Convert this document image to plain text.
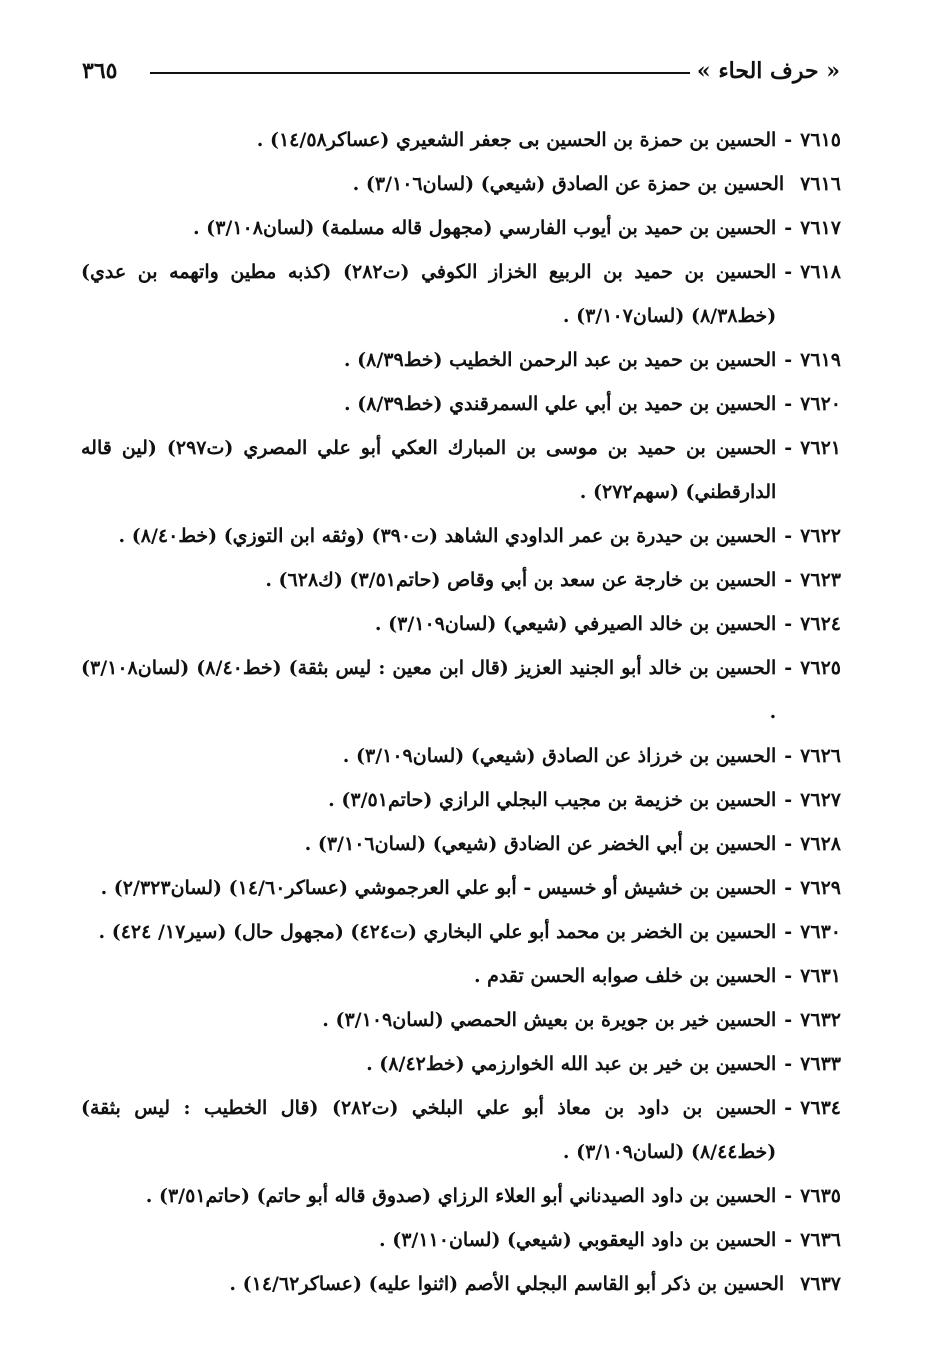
« حرف الحاء »
٣٦٥
٧٦١٥
-
الحسين بن حمزة بن الحسين بى جعفر الشعيري (عساكر١٤/٥٨) .
٧٦١٦
الحسين بن حمزة عن الصادق (شيعي) (لسان٣/١٠٦) .
٧٦١٧
-
الحسين بن حميد بن أيوب الفارسي (مجهول قاله مسلمة) (لسان٣/١٠٨) .
٧٦١٨
-
الحسين بن حميد بن الربيع الخزاز الكوفي (ت٢٨٢) (كذبه مطين واتهمه بن عدي) (خط٨/٣٨) (لسان٣/١٠٧) .
٧٦١٩
-
الحسين بن حميد بن عبد الرحمن الخطيب (خط٨/٣٩) .
٧٦٢٠
-
الحسين بن حميد بن أبي علي السمرقندي (خط٨/٣٩) .
٧٦٢١
-
الحسين بن حميد بن موسى بن المبارك العكي أبو علي المصري (ت٢٩٧) (لين قاله الدارقطني) (سهم٢٧٢) .
٧٦٢٢
-
الحسين بن حيدرة بن عمر الداودي الشاهد (ت٣٩٠) (وثقه ابن التوزي) (خط٨/٤٠) .
٧٦٢٣
-
الحسين بن خارجة عن سعد بن أبي وقاص (حاتم٣/٥١) (ك٦٢٨) .
٧٦٢٤
-
الحسين بن خالد الصيرفي (شيعي) (لسان٣/١٠٩) .
٧٦٢٥
-
الحسين بن خالد أبو الجنيد العزيز (قال ابن معين : ليس بثقة) (خط٨/٤٠) (لسان٣/١٠٨) .
٧٦٢٦
-
الحسين بن خرزاذ عن الصادق (شيعي) (لسان٣/١٠٩) .
٧٦٢٧
-
الحسين بن خزيمة بن مجيب البجلي الرازي (حاتم٣/٥١) .
٧٦٢٨
-
الحسين بن أبي الخضر عن الضادق (شيعي) (لسان٣/١٠٦) .
٧٦٢٩
-
الحسين بن خشيش أو خسيس - أبو علي العرجموشي (عساكر١٤/٦٠) (لسان٢/٣٢٣) .
٧٦٣٠
-
الحسين بن الخضر بن محمد أبو علي البخاري (ت٤٢٤) (مجهول حال) (سير١٧/ ٤٢٤) .
٧٦٣١
-
الحسين بن خلف صوابه الحسن تقدم .
٧٦٣٢
-
الحسين خير بن جويرة بن بعيش الحمصي (لسان٣/١٠٩) .
٧٦٣٣
-
الحسين بن خير بن عبد الله الخوارزمي (خط٨/٤٢) .
٧٦٣٤
-
الحسين بن داود بن معاذ أبو علي البلخي (ت٢٨٢) (قال الخطيب : ليس بثقة) (خط٨/٤٤) (لسان٣/١٠٩) .
٧٦٣٥
-
الحسين بن داود الصيدناني أبو العلاء الرزاي (صدوق قاله أبو حاتم) (حاتم٣/٥١) .
٧٦٣٦
-
الحسين بن داود اليعقوبي (شيعي) (لسان٣/١١٠) .
٧٦٣٧
الحسين بن ذكر أبو القاسم البجلي الأصم (اثنوا عليه) (عساكر١٤/٦٢) .
